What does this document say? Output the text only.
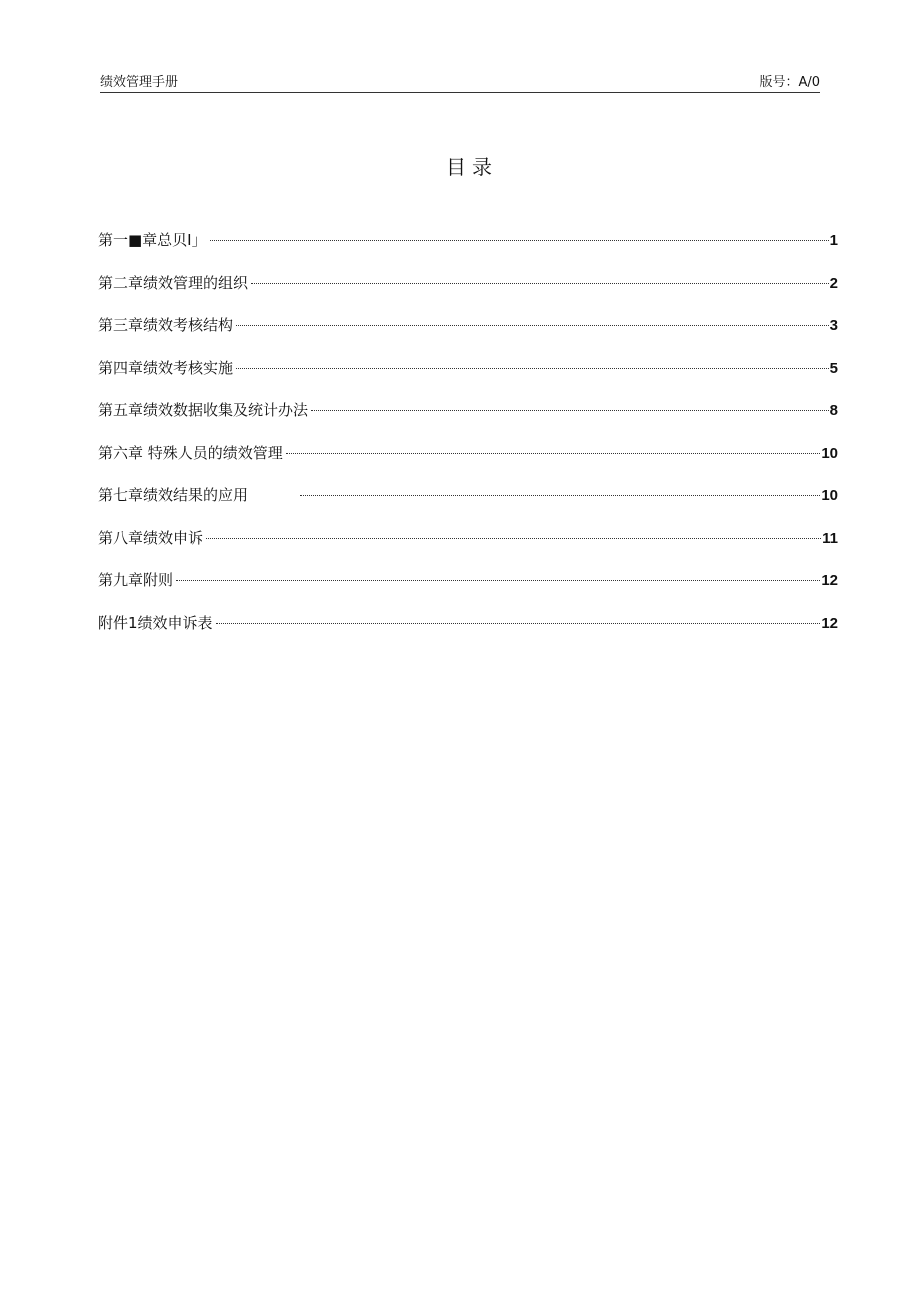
绩效管理手册	版号：A/0
目录
第一■章总贝I」	1
第二章绩效管理的组织	2
第三章绩效考核结构	3
第四章绩效考核实施	5
第五章绩效数据收集及统计办法	8
第六章 特殊人员的绩效管理	10
第七章绩效结果的应用	10
第八章绩效申诉	11
第九章附则	12
附件1绩效申诉表	12
